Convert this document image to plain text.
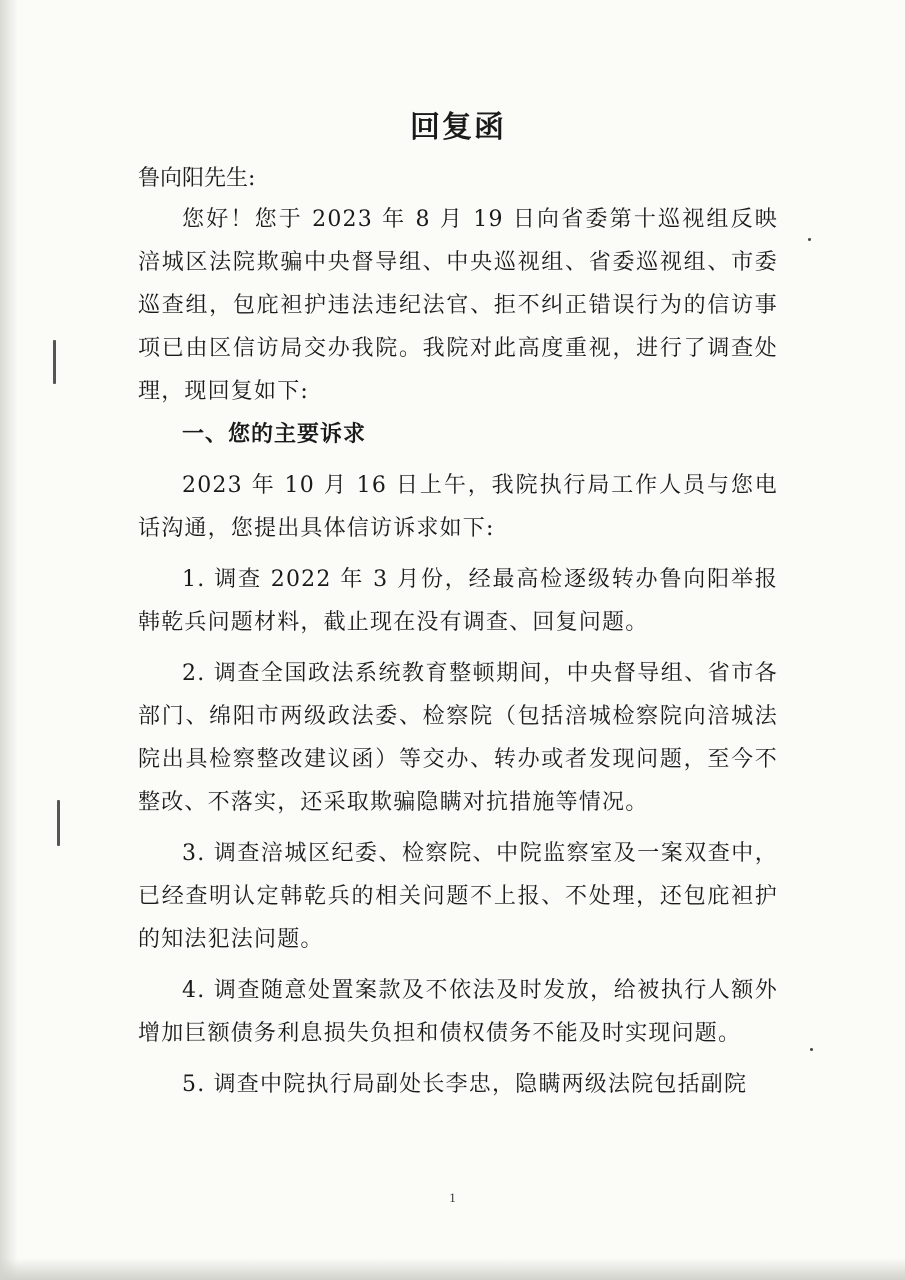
回复函

鲁向阳先生:

您好！您于 2023 年 8 月 19 日向省委第十巡视组反映涪城区法院欺骗中央督导组、中央巡视组、省委巡视组、市委巡查组，包庇袒护违法违纪法官、拒不纠正错误行为的信访事项已由区信访局交办我院。我院对此高度重视，进行了调查处理，现回复如下:

一、您的主要诉求

2023 年 10 月 16 日上午，我院执行局工作人员与您电话沟通，您提出具体信访诉求如下:

1. 调查 2022 年 3 月份，经最高检逐级转办鲁向阳举报韩乾兵问题材料，截止现在没有调查、回复问题。

2. 调查全国政法系统教育整顿期间，中央督导组、省市各部门、绵阳市两级政法委、检察院（包括涪城检察院向涪城法院出具检察整改建议函）等交办、转办或者发现问题，至今不整改、不落实，还采取欺骗隐瞒对抗措施等情况。

3. 调查涪城区纪委、检察院、中院监察室及一案双查中，已经查明认定韩乾兵的相关问题不上报、不处理，还包庇袒护的知法犯法问题。

4. 调查随意处置案款及不依法及时发放，给被执行人额外增加巨额债务利息损失负担和债权债务不能及时实现问题。

5. 调查中院执行局副处长李忠，隐瞒两级法院包括副院

1
